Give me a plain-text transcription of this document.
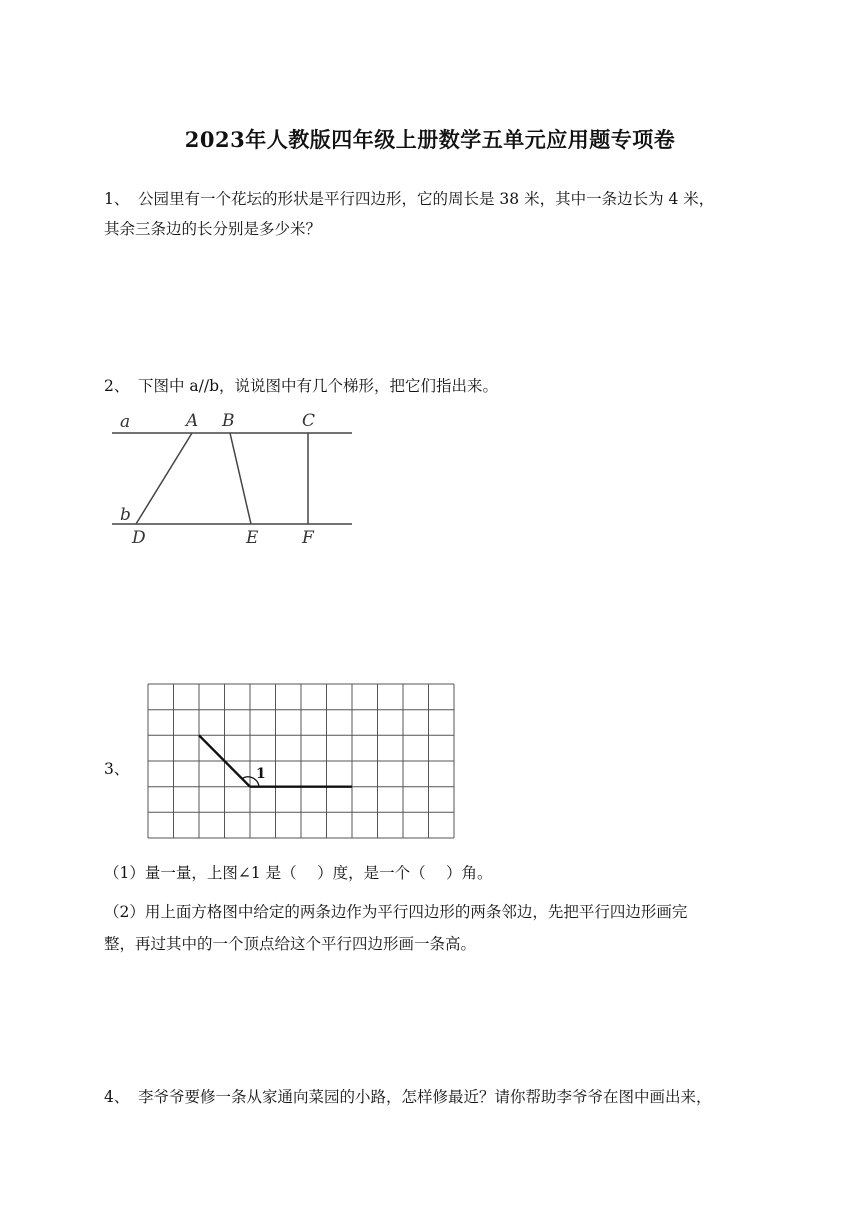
2023年人教版四年级上册数学五单元应用题专项卷
1、 公园里有一个花坛的形状是平行四边形，它的周长是 38 米，其中一条边长为 4 米，
其余三条边的长分别是多少米？
2、 下图中 a//b，说说图中有几个梯形，把它们指出来。
a	A B	C
b
D	E	F
3、	1
（1）量一量，上图∠1 是（　 ）度，是一个（　 ）角。
（2）用上面方格图中给定的两条边作为平行四边形的两条邻边，先把平行四边形画完
整，再过其中的一个顶点给这个平行四边形画一条高。
4、 李爷爷要修一条从家通向菜园的小路，怎样修最近？请你帮助李爷爷在图中画出来，
